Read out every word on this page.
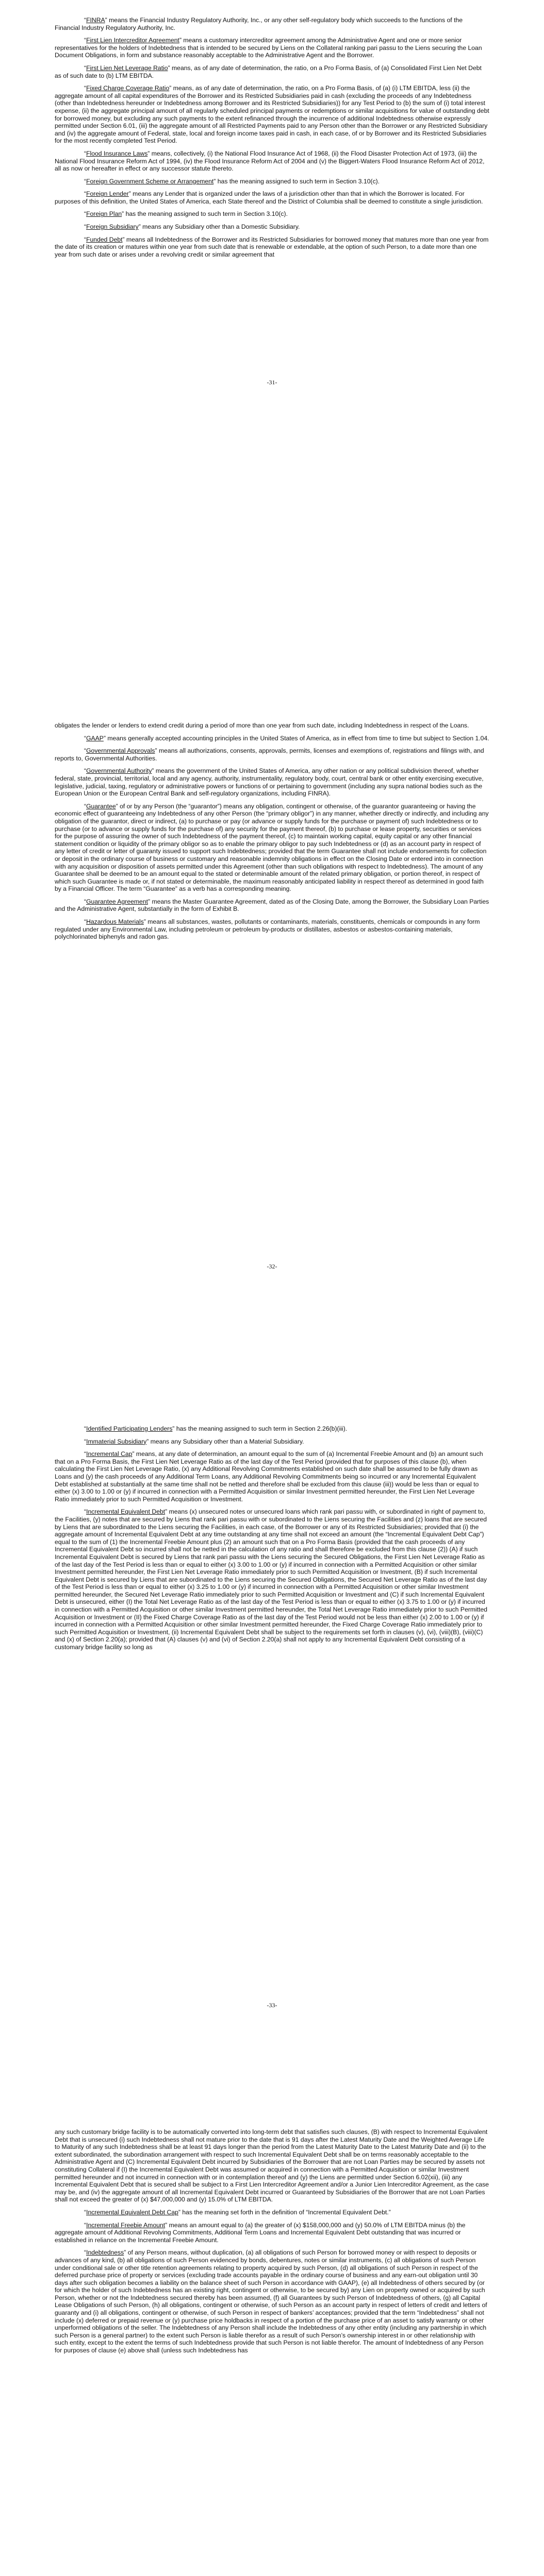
“FINRA” means the Financial Industry Regulatory Authority, Inc., or any other self-regulatory body which succeeds to the functions of the Financial Industry Regulatory Authority, Inc.

“First Lien Intercreditor Agreement” means a customary intercreditor agreement among the Administrative Agent and one or more senior representatives for the holders of Indebtedness that is intended to be secured by Liens on the Collateral ranking pari passu to the Liens securing the Loan Document Obligations, in form and substance reasonably acceptable to the Administrative Agent and the Borrower.

“First Lien Net Leverage Ratio” means, as of any date of determination, the ratio, on a Pro Forma Basis, of (a) Consolidated First Lien Net Debt as of such date to (b) LTM EBITDA.

“Fixed Charge Coverage Ratio” means, as of any date of determination, the ratio, on a Pro Forma Basis, of (a) (i) LTM EBITDA, less (ii) the aggregate amount of all capital expenditures of the Borrower and its Restricted Subsidiaries paid in cash (excluding the proceeds of any Indebtedness (other than Indebtedness hereunder or Indebtedness among Borrower and its Restricted Subsidiaries)) for any Test Period to (b) the sum of (i) total interest expense, (ii) the aggregate principal amount of all regularly scheduled principal payments or redemptions or similar acquisitions for value of outstanding debt for borrowed money, but excluding any such payments to the extent refinanced through the incurrence of additional Indebtedness otherwise expressly permitted under Section 6.01, (iii) the aggregate amount of all Restricted Payments paid to any Person other than the Borrower or any Restricted Subsidiary and (iv) the aggregate amount of Federal, state, local and foreign income taxes paid in cash, in each case, of or by Borrower and its Restricted Subsidiaries for the most recently completed Test Period.

“Flood Insurance Laws” means, collectively, (i) the National Flood Insurance Act of 1968, (ii) the Flood Disaster Protection Act of 1973, (iii) the National Flood Insurance Reform Act of 1994, (iv) the Flood Insurance Reform Act of 2004 and (v) the Biggert-Waters Flood Insurance Reform Act of 2012, all as now or hereafter in effect or any successor statute thereto.

“Foreign Government Scheme or Arrangement” has the meaning assigned to such term in Section 3.10(c).

“Foreign Lender” means any Lender that is organized under the laws of a jurisdiction other than that in which the Borrower is located. For purposes of this definition, the United States of America, each State thereof and the District of Columbia shall be deemed to constitute a single jurisdiction.

“Foreign Plan” has the meaning assigned to such term in Section 3.10(c).

“Foreign Subsidiary” means any Subsidiary other than a Domestic Subsidiary.

“Funded Debt” means all Indebtedness of the Borrower and its Restricted Subsidiaries for borrowed money that matures more than one year from the date of its creation or matures within one year from such date that is renewable or extendable, at the option of such Person, to a date more than one year from such date or arises under a revolving credit or similar agreement that

-31-

obligates the lender or lenders to extend credit during a period of more than one year from such date, including Indebtedness in respect of the Loans.

“GAAP” means generally accepted accounting principles in the United States of America, as in effect from time to time but subject to Section 1.04.

“Governmental Approvals” means all authorizations, consents, approvals, permits, licenses and exemptions of, registrations and filings with, and reports to, Governmental Authorities.

“Governmental Authority” means the government of the United States of America, any other nation or any political subdivision thereof, whether federal, state, provincial, territorial, local and any agency, authority, instrumentality, regulatory body, court, central bank or other entity exercising executive, legislative, judicial, taxing, regulatory or administrative powers or functions of or pertaining to government (including any supra national bodies such as the European Union or the European Central Bank and self-regulatory organizations, including FINRA).

“Guarantee” of or by any Person (the “guarantor”) means any obligation, contingent or otherwise, of the guarantor guaranteeing or having the economic effect of guaranteeing any Indebtedness of any other Person (the “primary obligor”) in any manner, whether directly or indirectly, and including any obligation of the guarantor, direct or indirect, (a) to purchase or pay (or advance or supply funds for the purchase or payment of) such Indebtedness or to purchase (or to advance or supply funds for the purchase of) any security for the payment thereof, (b) to purchase or lease property, securities or services for the purpose of assuring the owner of such Indebtedness of the payment thereof, (c) to maintain working capital, equity capital or any other financial statement condition or liquidity of the primary obligor so as to enable the primary obligor to pay such Indebtedness or (d) as an account party in respect of any letter of credit or letter of guaranty issued to support such Indebtedness; provided that the term Guarantee shall not include endorsements for collection or deposit in the ordinary course of business or customary and reasonable indemnity obligations in effect on the Closing Date or entered into in connection with any acquisition or disposition of assets permitted under this Agreement (other than such obligations with respect to Indebtedness). The amount of any Guarantee shall be deemed to be an amount equal to the stated or determinable amount of the related primary obligation, or portion thereof, in respect of which such Guarantee is made or, if not stated or determinable, the maximum reasonably anticipated liability in respect thereof as determined in good faith by a Financial Officer. The term “Guarantee” as a verb has a corresponding meaning.

“Guarantee Agreement” means the Master Guarantee Agreement, dated as of the Closing Date, among the Borrower, the Subsidiary Loan Parties and the Administrative Agent, substantially in the form of Exhibit B.

“Hazardous Materials” means all substances, wastes, pollutants or contaminants, materials, constituents, chemicals or compounds in any form regulated under any Environmental Law, including petroleum or petroleum by-products or distillates, asbestos or asbestos-containing materials, polychlorinated biphenyls and radon gas.

-32-

“Identified Participating Lenders” has the meaning assigned to such term in Section 2.26(b)(iii).

“Immaterial Subsidiary” means any Subsidiary other than a Material Subsidiary.

“Incremental Cap” means, at any date of determination, an amount equal to the sum of (a) Incremental Freebie Amount and (b) an amount such that on a Pro Forma Basis, the First Lien Net Leverage Ratio as of the last day of the Test Period (provided that for purposes of this clause (b), when calculating the First Lien Net Leverage Ratio, (x) any Additional Revolving Commitments established on such date shall be assumed to be fully drawn as Loans and (y) the cash proceeds of any Additional Term Loans, any Additional Revolving Commitments being so incurred or any Incremental Equivalent Debt established at substantially at the same time shall not be netted and therefore shall be excluded from this clause (iii)) would be less than or equal to either (x) 3.00 to 1.00 or (y) if incurred in connection with a Permitted Acquisition or similar Investment permitted hereunder, the First Lien Net Leverage Ratio immediately prior to such Permitted Acquisition or Investment.

“Incremental Equivalent Debt” means (x) unsecured notes or unsecured loans which rank pari passu with, or subordinated in right of payment to, the Facilities, (y) notes that are secured by Liens that rank pari passu with or subordinated to the Liens securing the Facilities and (z) loans that are secured by Liens that are subordinated to the Liens securing the Facilities, in each case, of the Borrower or any of its Restricted Subsidiaries; provided that (i) the aggregate amount of Incremental Equivalent Debt at any time outstanding at any time shall not exceed an amount (the “Incremental Equivalent Debt Cap”) equal to the sum of (1) the Incremental Freebie Amount plus (2) an amount such that on a Pro Forma Basis (provided that the cash proceeds of any Incremental Equivalent Debt so incurred shall not be netted in the calculation of any ratio and shall therefore be excluded from this clause (2)) (A) if such Incremental Equivalent Debt is secured by Liens that rank pari passu with the Liens securing the Secured Obligations, the First Lien Net Leverage Ratio as of the last day of the Test Period is less than or equal to either (x) 3.00 to 1.00 or (y) if incurred in connection with a Permitted Acquisition or other similar Investment permitted hereunder, the First Lien Net Leverage Ratio immediately prior to such Permitted Acquisition or Investment, (B) if such Incremental Equivalent Debt is secured by Liens that are subordinated to the Liens securing the Secured Obligations, the Secured Net Leverage Ratio as of the last day of the Test Period is less than or equal to either (x) 3.25 to 1.00 or (y) if incurred in connection with a Permitted Acquisition or other similar Investment permitted hereunder, the Secured Net Leverage Ratio immediately prior to such Permitted Acquisition or Investment and (C) if such Incremental Equivalent Debt is unsecured, either (I) the Total Net Leverage Ratio as of the last day of the Test Period is less than or equal to either (x) 3.75 to 1.00 or (y) if incurred in connection with a Permitted Acquisition or other similar Investment permitted hereunder, the Total Net Leverage Ratio immediately prior to such Permitted Acquisition or Investment or (II) the Fixed Charge Coverage Ratio as of the last day of the Test Period would not be less than either (x) 2.00 to 1.00 or (y) if incurred in connection with a Permitted Acquisition or other similar Investment permitted hereunder, the Fixed Charge Coverage Ratio immediately prior to such Permitted Acquisition or Investment, (ii) Incremental Equivalent Debt shall be subject to the requirements set forth in clauses (v), (vi), (viii)(B), (viii)(C) and (x) of Section 2.20(a); provided that (A) clauses (v) and (vi) of Section 2.20(a) shall not apply to any Incremental Equivalent Debt consisting of a customary bridge facility so long as

-33-

any such customary bridge facility is to be automatically converted into long-term debt that satisfies such clauses, (B) with respect to Incremental Equivalent Debt that is unsecured (i) such Indebtedness shall not mature prior to the date that is 91 days after the Latest Maturity Date and the Weighted Average Life to Maturity of any such Indebtedness shall be at least 91 days longer than the period from the Latest Maturity Date to the Latest Maturity Date and (ii) to the extent subordinated, the subordination arrangement with respect to such Incremental Equivalent Debt shall be on terms reasonably acceptable to the Administrative Agent and (C) Incremental Equivalent Debt incurred by Subsidiaries of the Borrower that are not Loan Parties may be secured by assets not constituting Collateral if (I) the Incremental Equivalent Debt was assumed or acquired in connection with a Permitted Acquisition or similar Investment permitted hereunder and not incurred in connection with or in contemplation thereof and (y) the Liens are permitted under Section 6.02(xii), (iii) any Incremental Equivalent Debt that is secured shall be subject to a First Lien Intercreditor Agreement and/or a Junior Lien Intercreditor Agreement, as the case may be, and (iv) the aggregate amount of all Incremental Equivalent Debt incurred or Guaranteed by Subsidiaries of the Borrower that are not Loan Parties shall not exceed the greater of (x) $47,000,000 and (y) 15.0% of LTM EBITDA.

“Incremental Equivalent Debt Cap” has the meaning set forth in the definition of “Incremental Equivalent Debt.”

“Incremental Freebie Amount” means an amount equal to (a) the greater of (x) $158,000,000 and (y) 50.0% of LTM EBITDA minus (b) the aggregate amount of Additional Revolving Commitments, Additional Term Loans and Incremental Equivalent Debt outstanding that was incurred or established in reliance on the Incremental Freebie Amount.

“Indebtedness” of any Person means, without duplication, (a) all obligations of such Person for borrowed money or with respect to deposits or advances of any kind, (b) all obligations of such Person evidenced by bonds, debentures, notes or similar instruments, (c) all obligations of such Person under conditional sale or other title retention agreements relating to property acquired by such Person, (d) all obligations of such Person in respect of the deferred purchase price of property or services (excluding trade accounts payable in the ordinary course of business and any earn-out obligation until 30 days after such obligation becomes a liability on the balance sheet of such Person in accordance with GAAP), (e) all Indebtedness of others secured by (or for which the holder of such Indebtedness has an existing right, contingent or otherwise, to be secured by) any Lien on property owned or acquired by such Person, whether or not the Indebtedness secured thereby has been assumed, (f) all Guarantees by such Person of Indebtedness of others, (g) all Capital Lease Obligations of such Person, (h) all obligations, contingent or otherwise, of such Person as an account party in respect of letters of credit and letters of guaranty and (i) all obligations, contingent or otherwise, of such Person in respect of bankers’ acceptances; provided that the term “Indebtedness” shall not include (x) deferred or prepaid revenue or (y) purchase price holdbacks in respect of a portion of the purchase price of an asset to satisfy warranty or other unperformed obligations of the seller. The Indebtedness of any Person shall include the Indebtedness of any other entity (including any partnership in which such Person is a general partner) to the extent such Person is liable therefor as a result of such Person’s ownership interest in or other relationship with such entity, except to the extent the terms of such Indebtedness provide that such Person is not liable therefor. The amount of Indebtedness of any Person for purposes of clause (e) above shall (unless such Indebtedness has
